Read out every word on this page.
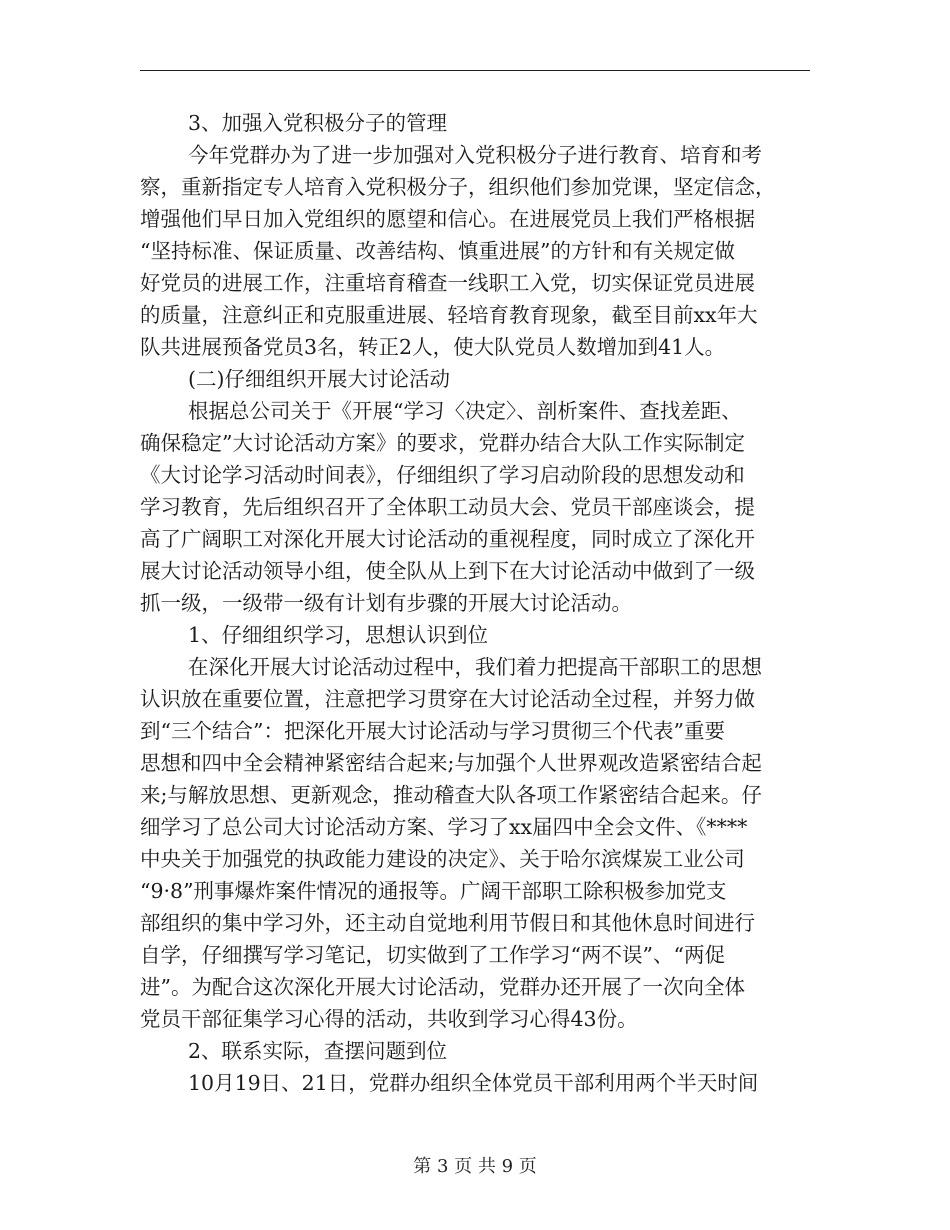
3、加强入党积极分子的管理

今年党群办为了进一步加强对入党积极分子进行教育、培育和考

察，重新指定专人培育入党积极分子，组织他们参加党课，坚定信念，

增强他们早日加入党组织的愿望和信心。在进展党员上我们严格根据

“坚持标准、保证质量、改善结构、慎重进展”的方针和有关规定做

好党员的进展工作，注重培育稽查一线职工入党，切实保证党员进展

的质量，注意纠正和克服重进展、轻培育教育现象，截至目前xx年大

队共进展预备党员3名，转正2人，使大队党员人数增加到41人。

(二)仔细组织开展大讨论活动

根据总公司关于《开展“学习〈决定〉、剖析案件、查找差距、

确保稳定”大讨论活动方案》的要求，党群办结合大队工作实际制定

《大讨论学习活动时间表》，仔细组织了学习启动阶段的思想发动和

学习教育，先后组织召开了全体职工动员大会、党员干部座谈会，提

高了广阔职工对深化开展大讨论活动的重视程度，同时成立了深化开

展大讨论活动领导小组，使全队从上到下在大讨论活动中做到了一级

抓一级，一级带一级有计划有步骤的开展大讨论活动。

1、仔细组织学习，思想认识到位

在深化开展大讨论活动过程中，我们着力把提高干部职工的思想

认识放在重要位置，注意把学习贯穿在大讨论活动全过程，并努力做

到“三个结合”：把深化开展大讨论活动与学习贯彻三个代表”重要

思想和四中全会精神紧密结合起来;与加强个人世界观改造紧密结合起

来;与解放思想、更新观念，推动稽查大队各项工作紧密结合起来。仔

细学习了总公司大讨论活动方案、学习了xx届四中全会文件、《****

中央关于加强党的执政能力建设的决定》、关于哈尔滨煤炭工业公司

“9·8”刑事爆炸案件情况的通报等。广阔干部职工除积极参加党支

部组织的集中学习外，还主动自觉地利用节假日和其他休息时间进行

自学，仔细撰写学习笔记，切实做到了工作学习“两不误”、“两促

进”。为配合这次深化开展大讨论活动，党群办还开展了一次向全体

党员干部征集学习心得的活动，共收到学习心得43份。

2、联系实际，查摆问题到位

10月19日、21日，党群办组织全体党员干部利用两个半天时间

第 3 页 共 9 页
